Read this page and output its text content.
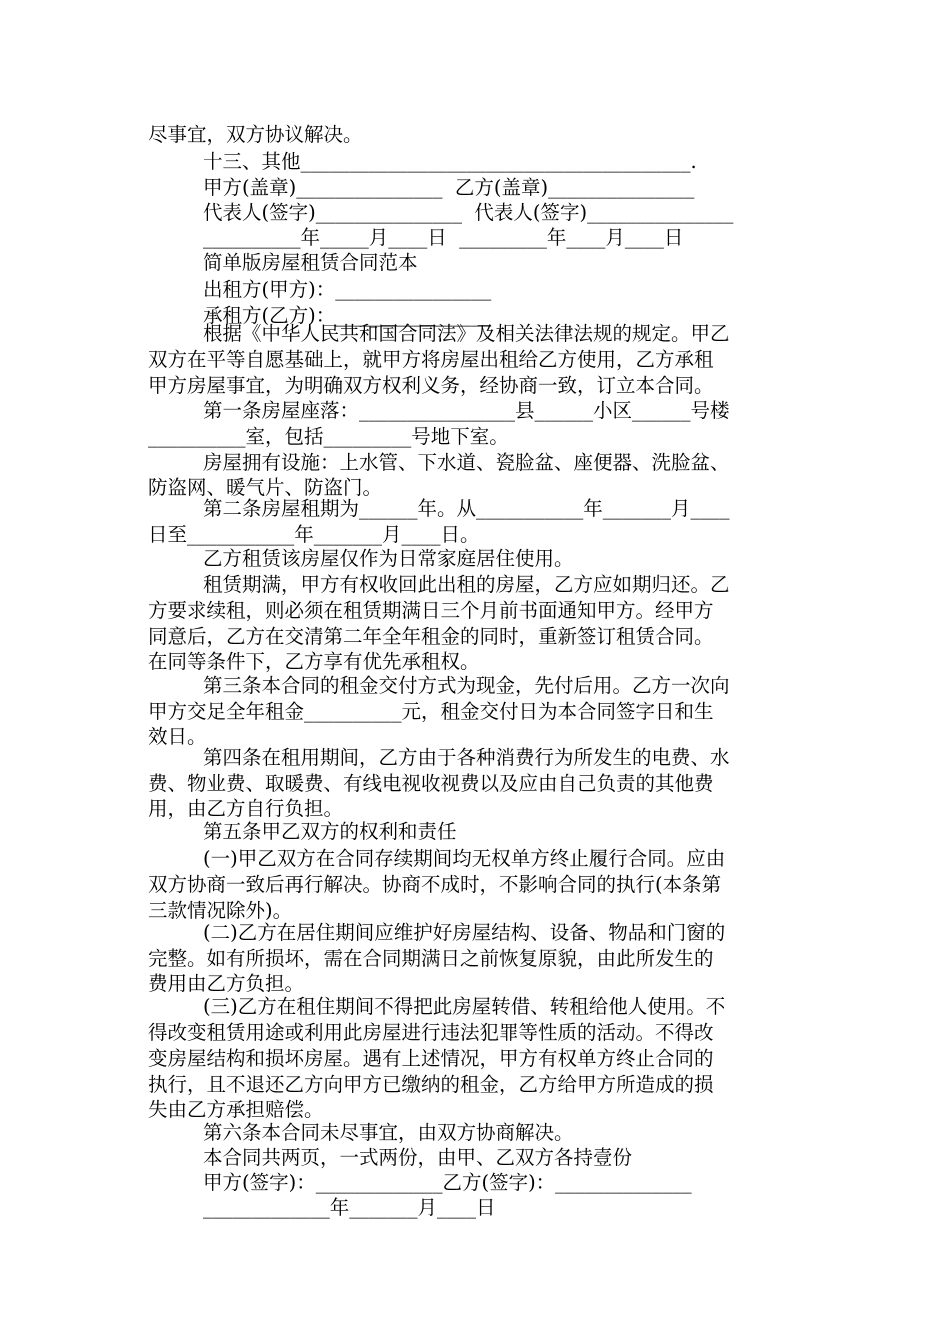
尽事宜，双方协议解决。
十三、其他________________________________________.
甲方(盖章)_______________  乙方(盖章)_______________
代表人(签字)_______________  代表人(签字)_______________
__________年_____月____日  _________年____月____日
简单版房屋租赁合同范本
出租方(甲方)：________________
承租方(乙方)：________________
根据《中华人民共和国合同法》及相关法律法规的规定。甲乙
双方在平等自愿基础上，就甲方将房屋出租给乙方使用，乙方承租
甲方房屋事宜，为明确双方权利义务，经协商一致，订立本合同。
第一条房屋座落：________________县______小区______号楼
__________室，包括_________号地下室。
房屋拥有设施：上水管、下水道、瓷脸盆、座便器、洗脸盆、
防盗网、暖气片、防盗门。
第二条房屋租期为______年。从___________年_______月____
日至___________年_______月____日。
乙方租赁该房屋仅作为日常家庭居住使用。
租赁期满，甲方有权收回此出租的房屋，乙方应如期归还。乙
方要求续租，则必须在租赁期满日三个月前书面通知甲方。经甲方
同意后，乙方在交清第二年全年租金的同时，重新签订租赁合同。
在同等条件下，乙方享有优先承租权。
第三条本合同的租金交付方式为现金，先付后用。乙方一次向
甲方交足全年租金__________元，租金交付日为本合同签字日和生
效日。
第四条在租用期间，乙方由于各种消费行为所发生的电费、水
费、物业费、取暖费、有线电视收视费以及应由自己负责的其他费
用，由乙方自行负担。
第五条甲乙双方的权利和责任
(一)甲乙双方在合同存续期间均无权单方终止履行合同。应由
双方协商一致后再行解决。协商不成时，不影响合同的执行(本条第
三款情况除外)。
(二)乙方在居住期间应维护好房屋结构、设备、物品和门窗的
完整。如有所损坏，需在合同期满日之前恢复原貌，由此所发生的
费用由乙方负担。
(三)乙方在租住期间不得把此房屋转借、转租给他人使用。不
得改变租赁用途或利用此房屋进行违法犯罪等性质的活动。不得改
变房屋结构和损坏房屋。遇有上述情况，甲方有权单方终止合同的
执行，且不退还乙方向甲方已缴纳的租金，乙方给甲方所造成的损
失由乙方承担赔偿。
第六条本合同未尽事宜，由双方协商解决。
本合同共两页，一式两份，由甲、乙双方各持壹份
甲方(签字)：_____________乙方(签字)：______________
_____________年_______月____日
